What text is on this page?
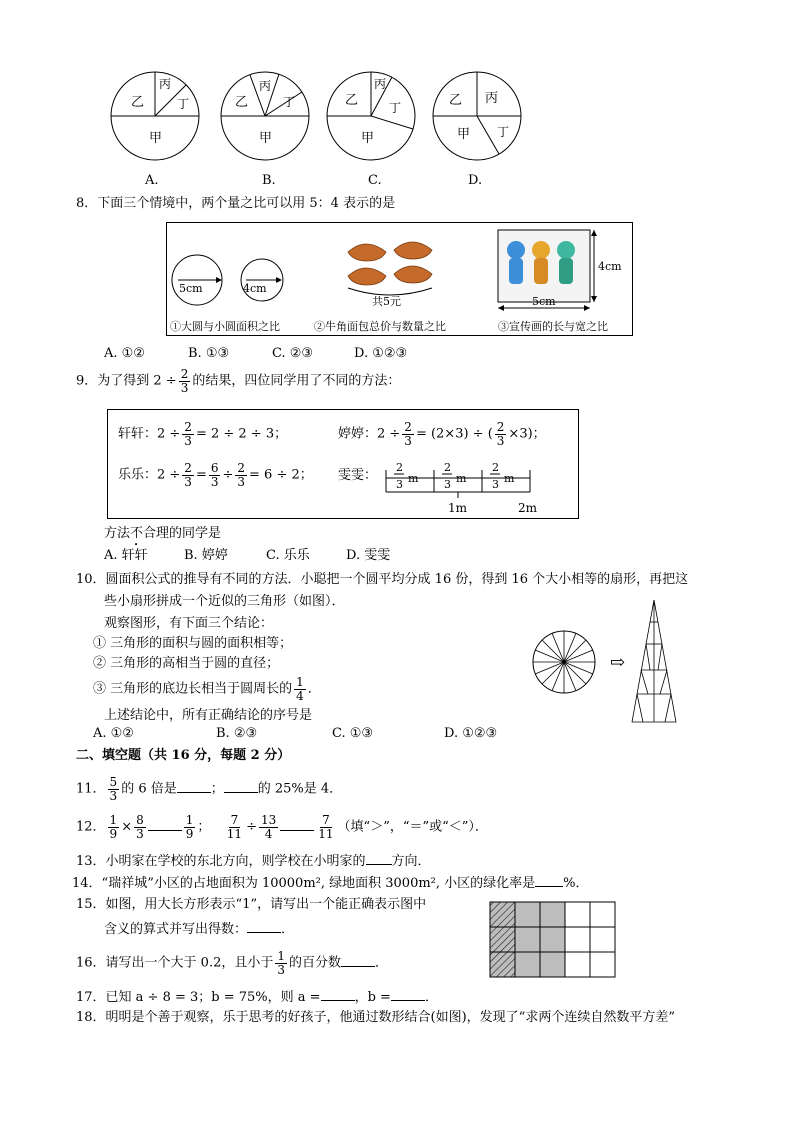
乙
丙
丁
甲
乙
丙
丁
甲
乙
丙
丁
甲
乙 丙
丁
甲
A.	B.	C.	D.
8．下面三个情境中，两个量之比可以用 5：4 表示的是
5cm	4cm
共5元
4cm
5cm
①大圆与小圆面积之比	②牛角面包总价与数量之比	③宣传画的长与宽之比
A. ①②	B. ①③	C. ②③	D. ①②③
9．为了得到 $2 \div \frac{2}{3}$ 的结果，四位同学用了不同的方法：
轩轩：$2 \div \frac{2}{3} = 2 \div 2 \div 3$；	婷婷：$2 \div \frac{2}{3} = (2\times 3)$ ÷ ( $\frac{2}{3} \times 3$)；
乐乐：$2 \div \frac{2}{3} = \frac{6}{3} \div \frac{2}{3} = 6 \div 2$； 雯雯：
2
3 m
2
3 m
2
3 m
1m	2m
方法不合理的同学是
A. 轩轩	B. 婷婷	C. 乐乐	D. 雯雯
10．圆面积公式的推导有不同的方法．小聪把一个圆平均分成 16 份，得到 16 个大小相等的扇形，再把这
些小扇形拼成一个近似的三角形（如图）．
观察图形，有下面三个结论：
① 三角形的面积与圆的面积相等；
② 三角形的高相当于圆的直径；
③ 三角形的底边长相当于圆周长的 $\frac{1}{4}$ ．
上述结论中，所有正确结论的序号是
A. ①②	B. ②③	C. ①③	D. ①②③
⇨
二、填空题（共 16 分，每题 2 分）
11． $\frac{5}{3}$ 的 6 倍是	；	的 25%是 4．
12． $\frac{1}{9} \times \frac{8}{3}$	$\frac{1}{9}$ ； $\frac{7}{11} \div \frac{13}{4}$	$\frac{7}{11}$ （填“＞”，“＝”或“＜”）．
13．小明家在学校的东北方向，则学校在小明家的 方向．
14．“瑞祥城”小区的占地面积为 10000m², 绿地面积 3000m², 小区的绿化率是 %．
15．如图，用大长方形表示“1”，请写出一个能正确表示图中
含义的算式并写出得数：	．
16．请写出一个大于 0.2，且小于 $\frac{1}{3}$ 的百分数	．
17．已知 a ÷ 8 = 3；b = 75%，则 a =	，b =	．
18．明明是个善于观察，乐于思考的好孩子，他通过数形结合(如图)，发现了“求两个连续自然数平方差”
